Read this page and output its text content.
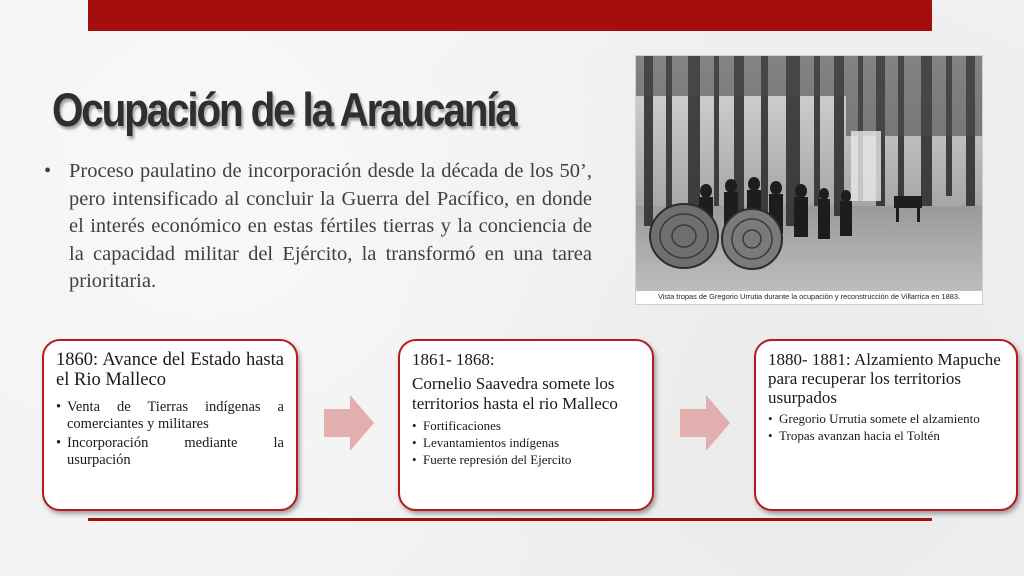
Ocupación de la Araucanía
• Proceso paulatino de incorporación desde la década de los 50’, pero intensificado al concluir la Guerra del Pacífico, en donde el interés económico en estas fértiles tierras y la conciencia de la capacidad militar del Ejército, la transformó en una tarea prioritaria.
Vista tropas de Gregorio Urrutia durante la ocupación y reconstrucción de Villarrica en 1883.
1860: Avance del Estado hasta el Rio Malleco
• Venta de Tierras indígenas a comerciantes y militares
• Incorporación mediante la usurpación
1861- 1868:

Cornelio Saavedra somete los territorios hasta el rio Malleco

• Fortificaciones
• Levantamientos indígenas
• Fuerte represión del Ejercito
1880- 1881: Alzamiento Mapuche para recuperar los territorios usurpados
• Gregorio Urrutia somete el alzamiento
• Tropas avanzan hacia el Toltén
